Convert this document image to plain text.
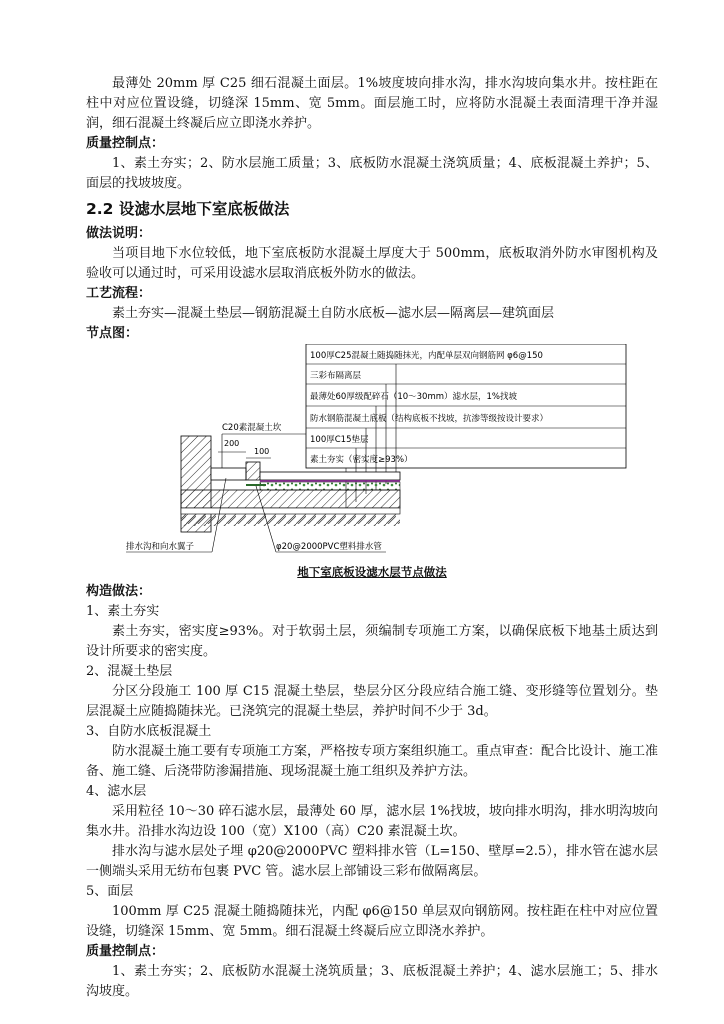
最薄处 20mm 厚 C25 细石混凝土面层。1%坡度坡向排水沟，排水沟坡向集水井。按柱距在柱中对应位置设缝，切缝深 15mm、宽 5mm。面层施工时，应将防水混凝土表面清理干净并湿润，细石混凝土终凝后应立即浇水养护。

质量控制点：

1、素土夯实；2、防水层施工质量；3、底板防水混凝土浇筑质量；4、底板混凝土养护；5、面层的找坡坡度。

2.2 设滤水层地下室底板做法

做法说明：

当项目地下水位较低，地下室底板防水混凝土厚度大于 500mm，底板取消外防水审图机构及验收可以通过时，可采用设滤水层取消底板外防水的做法。

工艺流程：

素土夯实—混凝土垫层—钢筋混凝土自防水底板—滤水层—隔离层—建筑面层

节点图：

100厚C25混凝土随捣随抹光，内配单层双向钢筋网 φ6@150
三彩布隔离层
最薄处60厚级配碎石（10～30mm）滤水层，1%找坡
防水钢筋混凝土底板（结构底板不找坡，抗渗等级按设计要求）
100厚C15垫层
素土夯实（密实度≥93%）
C20素混凝土坎
200
100
排水沟和向水翼子	φ20@2000PVC塑料排水管
地下室底板设滤水层节点做法

构造做法：

1、素土夯实

素土夯实，密实度≥93%。对于软弱土层，须编制专项施工方案，以确保底板下地基土质达到设计所要求的密实度。

2、混凝土垫层

分区分段施工 100 厚 C15 混凝土垫层，垫层分区分段应结合施工缝、变形缝等位置划分。垫层混凝土应随捣随抹光。已浇筑完的混凝土垫层，养护时间不少于 3d。

3、自防水底板混凝土

防水混凝土施工要有专项施工方案，严格按专项方案组织施工。重点审查：配合比设计、施工准备、施工缝、后浇带防渗漏措施、现场混凝土施工组织及养护方法。

4、滤水层

采用粒径 10～30 碎石滤水层，最薄处 60 厚，滤水层 1%找坡，坡向排水明沟，排水明沟坡向集水井。沿排水沟边设 100（宽）X100（高）C20 素混凝土坎。

排水沟与滤水层处子埋 φ20@2000PVC 塑料排水管（L=150、壁厚=2.5），排水管在滤水层一侧端头采用无纺布包裹 PVC 管。滤水层上部铺设三彩布做隔离层。

5、面层

100mm 厚 C25 混凝土随捣随抹光，内配 φ6@150 单层双向钢筋网。按柱距在柱中对应位置设缝，切缝深 15mm、宽 5mm。细石混凝土终凝后应立即浇水养护。

质量控制点：

1、素土夯实；2、底板防水混凝土浇筑质量；3、底板混凝土养护；4、滤水层施工；5、排水沟坡度。
